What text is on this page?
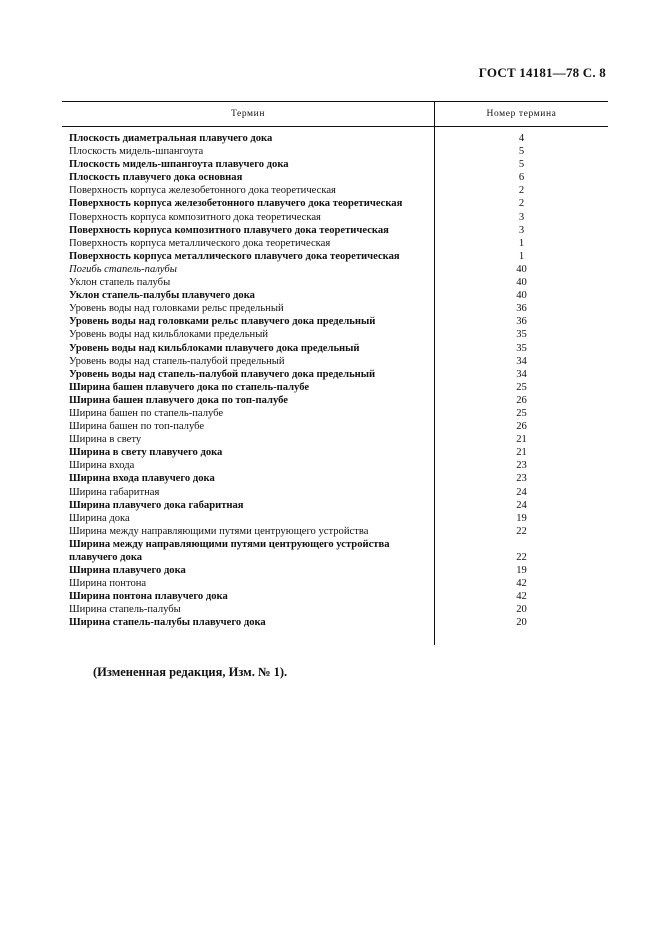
ГОСТ 14181—78 С. 8
Термин	Номер термина
Плоскость диаметральная плавучего дока	4
Плоскость мидель-шпангоута	5
Плоскость мидель-шпангоута плавучего дока	5
Плоскость плавучего дока основная	6
Поверхность корпуса железобетонного дока теоретическая	2
Поверхность корпуса железобетонного плавучего дока теоретическая	2
Поверхность корпуса композитного дока теоретическая	3
Поверхность корпуса композитного плавучего дока теоретическая	3
Поверхность корпуса металлического дока теоретическая	1
Поверхность корпуса металлического плавучего дока теоретическая	1
Погибь стапель-палубы	40
Уклон стапель палубы	40
Уклон стапель-палубы плавучего дока	40
Уровень воды над головками рельс предельный	36
Уровень воды над головками рельс плавучего дока предельный	36
Уровень воды над кильблоками предельный	35
Уровень воды над кильблоками плавучего дока предельный	35
Уровень воды над стапель-палубой предельный	34
Уровень воды над стапель-палубой плавучего дока предельный	34
Ширина башен плавучего дока по стапель-палубе	25
Ширина башен плавучего дока по топ-палубе	26
Ширина башен по стапель-палубе	25
Ширина башен по топ-палубе	26
Ширина в свету	21
Ширина в свету плавучего дока	21
Ширина входа	23
Ширина входа плавучего дока	23
Ширина габаритная	24
Ширина плавучего дока габаритная	24
Ширина дока	19
Ширина между направляющими путями центрующего устройства	22
Ширина между направляющими путями центрующего устройства плавучего дока	22
Ширина плавучего дока	19
Ширина понтона	42
Ширина понтона плавучего дока	42
Ширина стапель-палубы	20
Ширина стапель-палубы плавучего дока	20
(Измененная редакция, Изм. № 1).
